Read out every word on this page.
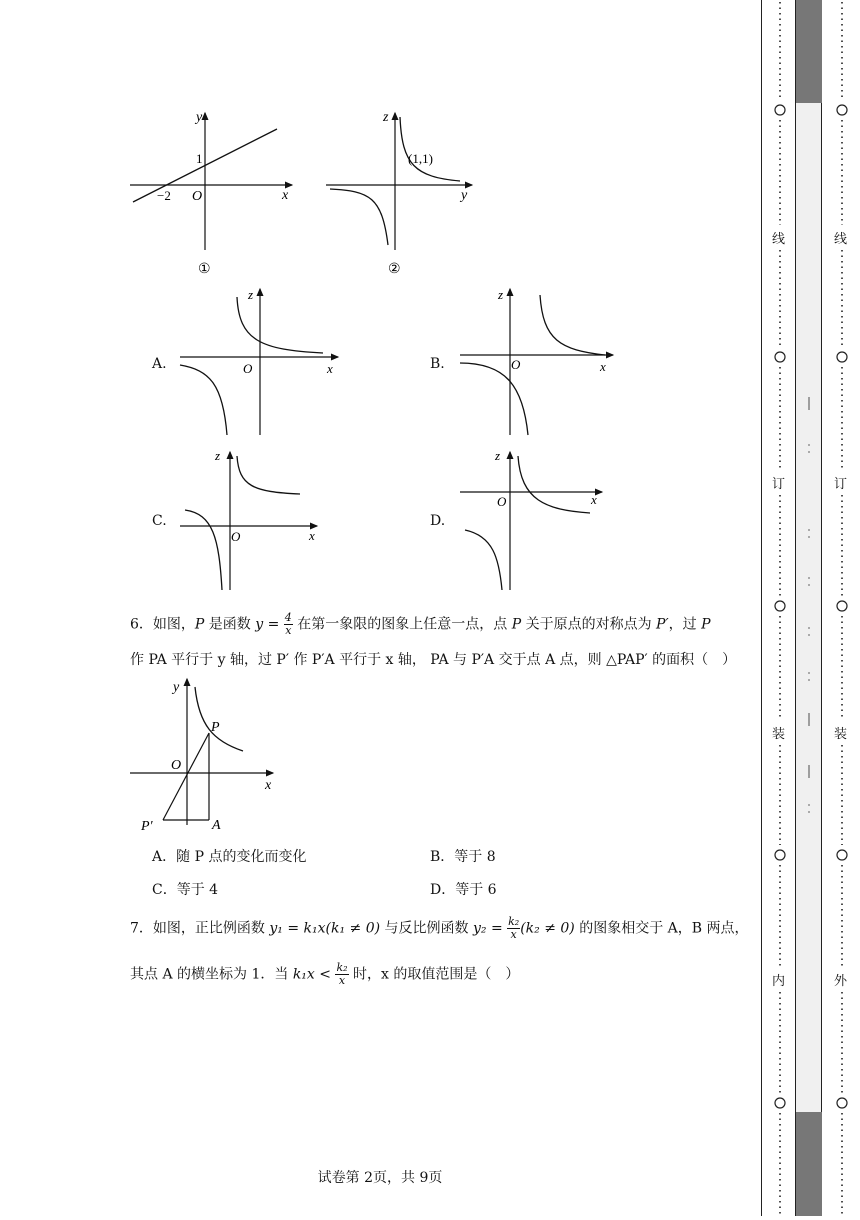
y
x
O
1
−2
①
z
y
(1,1)
②
A.
z
O	x	B.
z
O	x
C.
z
O	x
D.
z
O	x
6．如图，P 是函数 $y = \frac{4}{x}$ 在第一象限的图象上任意一点，点 P 关于原点的对称点为 P′，过 P
作 PA 平行于 y 轴，过 P′ 作 P′A 平行于 x 轴， PA 与 P′A 交于点 A 点，则 △PAP′ 的面积（　）
y
x
O
P
P′	A
A．随 P 点的变化而变化	B．等于 8
C．等于 4	D．等于 6
7．如图，正比例函数 y₁ = k₁x(k₁ ≠ 0) 与反比例函数 $y_2 = \frac{\text{k₂}}{x} (k_2 \ne 0)$ 的图象相交于 A，B 两点，
其点 A 的横坐标为 1．当 $k_1x < \frac{\text{k₂}}{x}$ 时，x 的取值范围是（　）
试卷第 2页，共 9页
线
订
装
内
线
订
装
外
